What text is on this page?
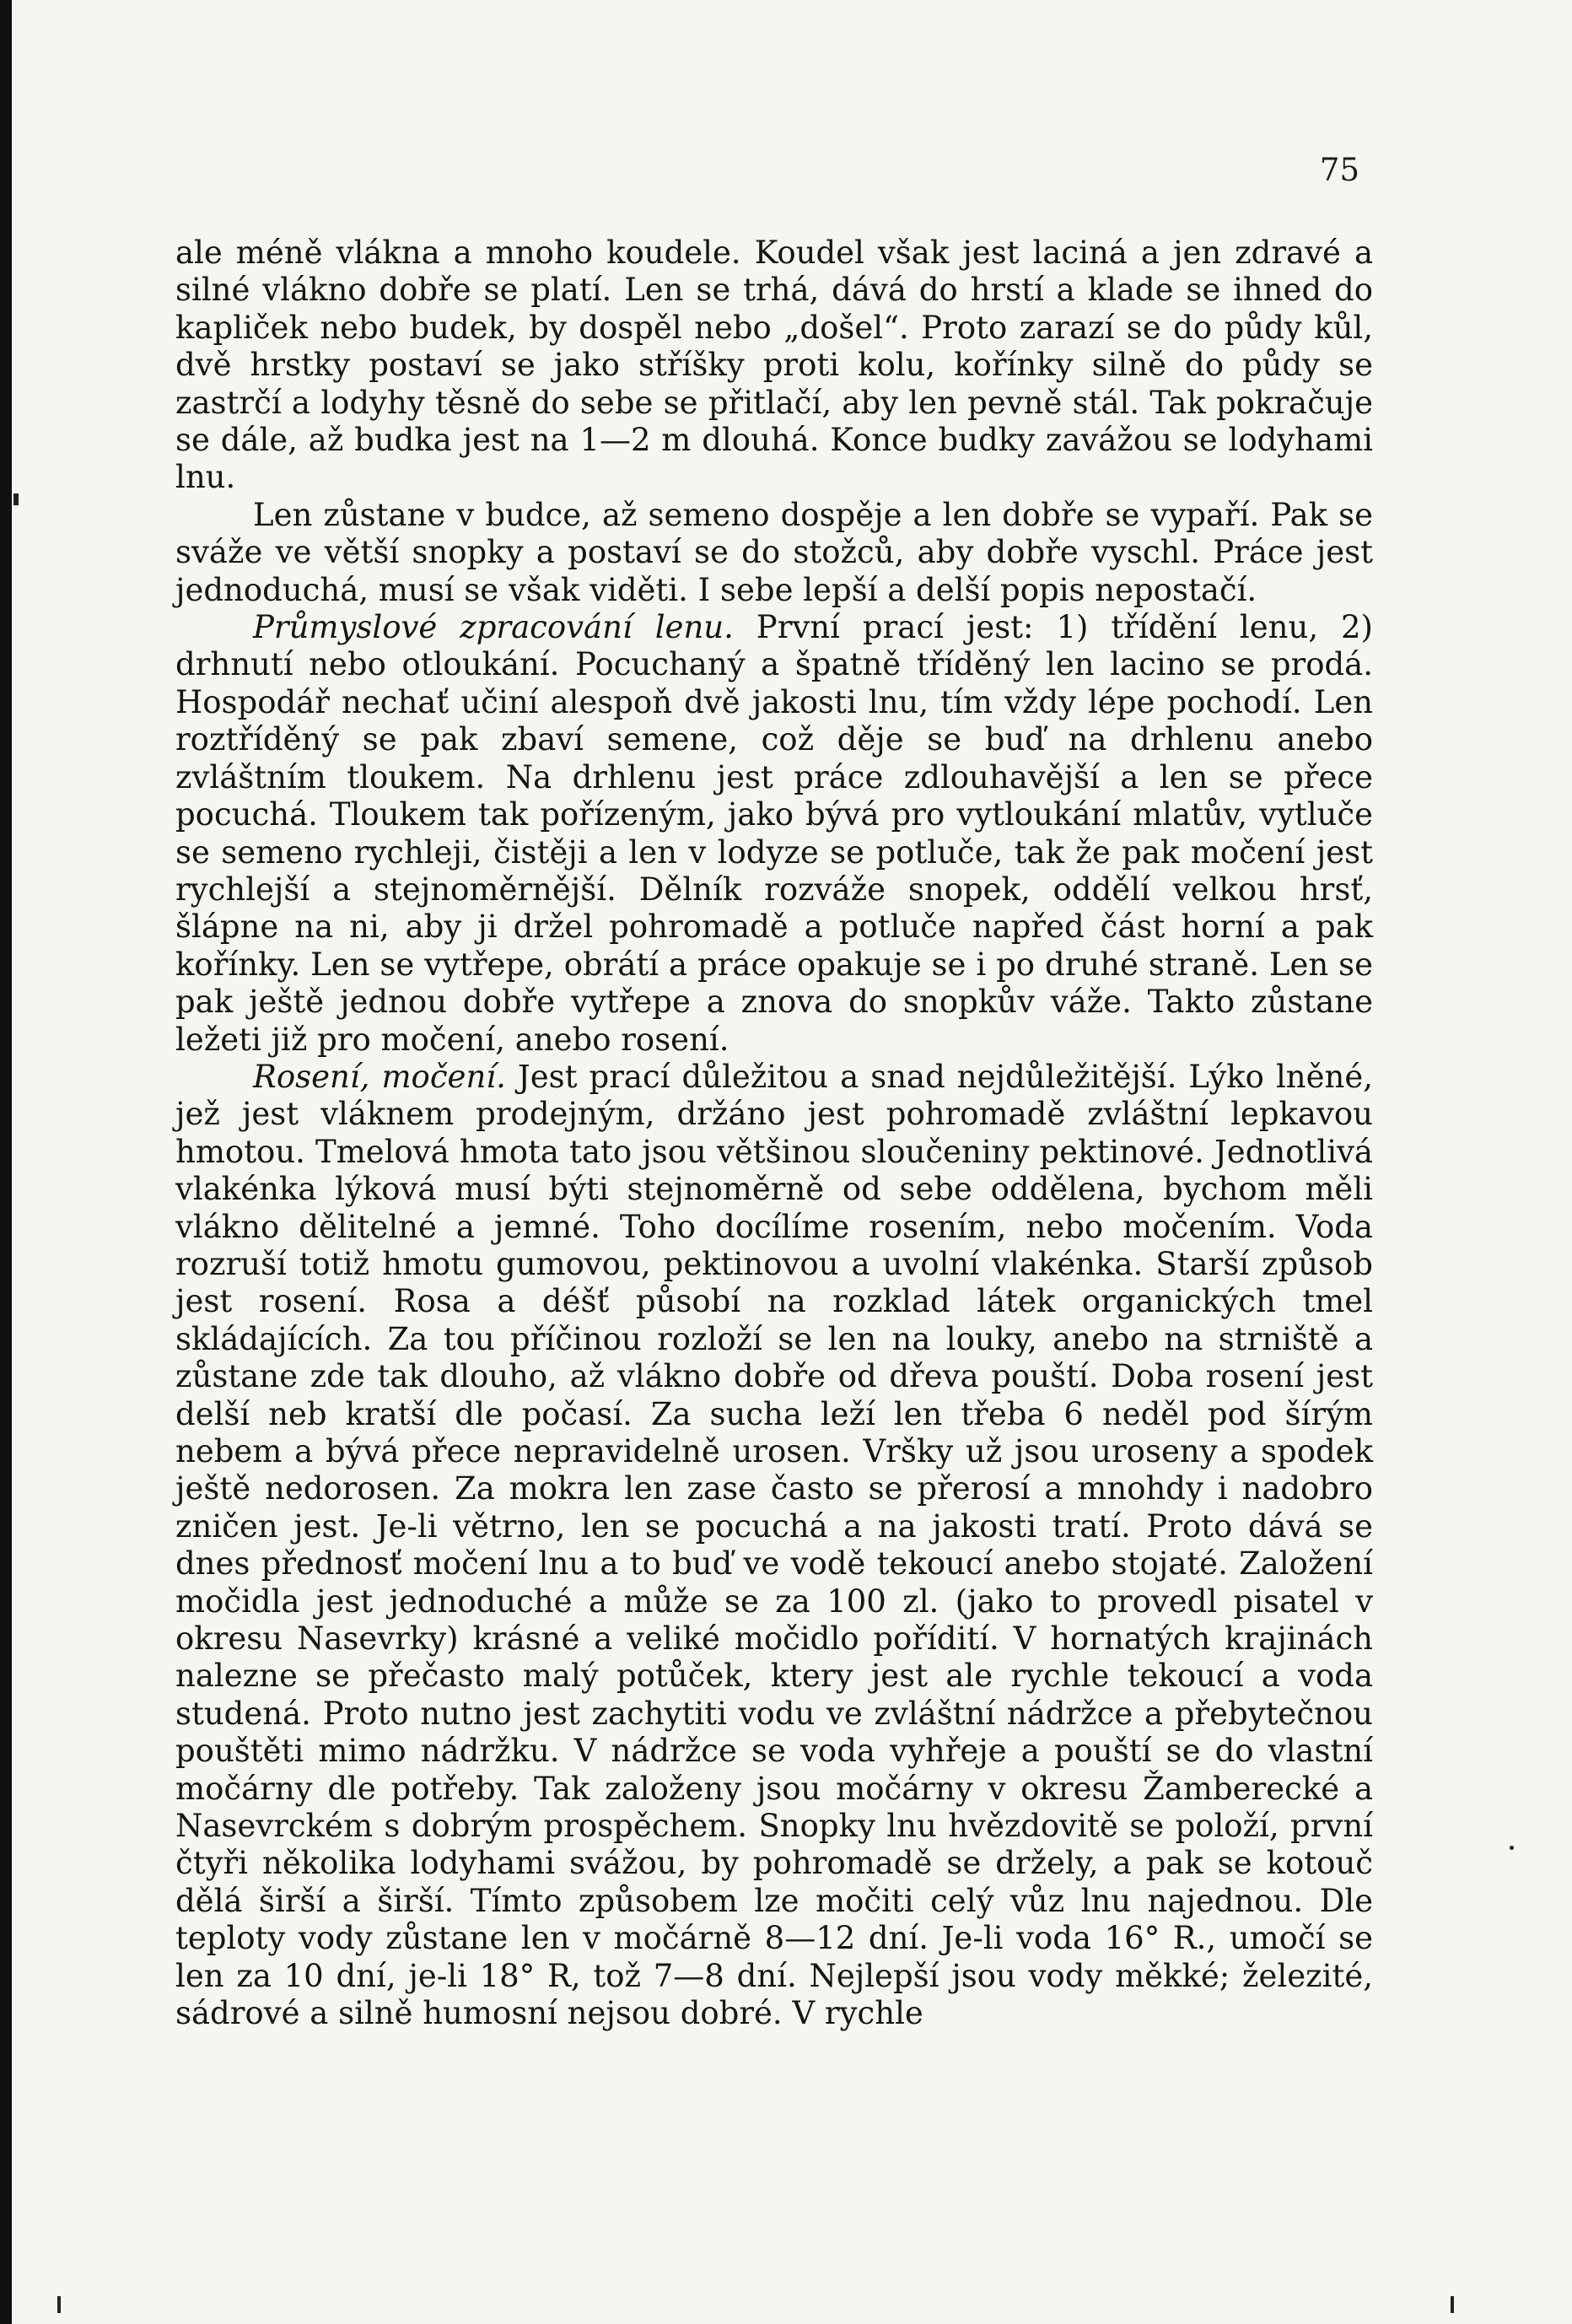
75

ale méně vlákna a mnoho koudele. Koudel však jest laciná a jen zdravé a silné vlákno dobře se platí. Len se trhá, dává do hrstí a klade se ihned do kapliček nebo budek, by dospěl nebo „došel“. Proto zarazí se do půdy kůl, dvě hrstky postaví se jako stříšky proti kolu, kořínky silně do půdy se zastrčí a lodyhy těsně do sebe se přitlačí, aby len pevně stál. Tak pokračuje se dále, až budka jest na 1—2 m dlouhá. Konce budky zavážou se lodyhami lnu.

Len zůstane v budce, až semeno dospěje a len dobře se vypaří. Pak se sváže ve větší snopky a postaví se do stožců, aby dobře vyschl. Práce jest jednoduchá, musí se však viděti. I sebe lepší a delší popis nepostačí.

Průmyslové zpracování lenu. První prací jest: 1) třídění lenu, 2) drhnutí nebo otloukání. Pocuchaný a špatně tříděný len lacino se prodá. Hospodář nechať učiní alespoň dvě jakosti lnu, tím vždy lépe pochodí. Len roztříděný se pak zbaví semene, což děje se buď na drhlenu anebo zvláštním tloukem. Na drhlenu jest práce zdlouhavější a len se přece pocuchá. Tloukem tak pořízeným, jako bývá pro vytloukání mlatův, vytluče se semeno rychleji, čistěji a len v lodyze se potluče, tak že pak močení jest rychlejší a stejnoměrnější. Dělník rozváže snopek, oddělí velkou hrsť, šlápne na ni, aby ji držel pohromadě a potluče napřed část horní a pak kořínky. Len se vytřepe, obrátí a práce opakuje se i po druhé straně. Len se pak ještě jednou dobře vytřepe a znova do snopkův váže. Takto zůstane ležeti již pro močení, anebo rosení.

Rosení, močení. Jest prací důležitou a snad nejdůležitější. Lýko lněné, jež jest vláknem prodejným, držáno jest pohromadě zvláštní lepkavou hmotou. Tmelová hmota tato jsou většinou sloučeniny pektinové. Jednotlivá vlakénka lýková musí býti stejnoměrně od sebe oddělena, bychom měli vlákno dělitelné a jemné. Toho docílíme rosením, nebo močením. Voda rozruší totiž hmotu gumovou, pektinovou a uvolní vlakénka. Starší způsob jest rosení. Rosa a déšť působí na rozklad látek organických tmel skládajících. Za tou příčinou rozloží se len na louky, anebo na strniště a zůstane zde tak dlouho, až vlákno dobře od dřeva pouští. Doba rosení jest delší neb kratší dle počasí. Za sucha leží len třeba 6 neděl pod šírým nebem a bývá přece nepravidelně urosen. Vršky už jsou uroseny a spodek ještě nedorosen. Za mokra len zase často se přerosí a mnohdy i nadobro zničen jest. Je-li větrno, len se pocuchá a na jakosti tratí. Proto dává se dnes přednosť močení lnu a to buď ve vodě tekoucí anebo stojaté. Založení močidla jest jednoduché a může se za 100 zl. (jako to provedl pisatel v okresu Nasevrky) krásné a veliké močidlo pořídití. V hornatých krajinách nalezne se přečasto malý potůček, ktery jest ale rychle tekoucí a voda studená. Proto nutno jest zachytiti vodu ve zvláštní nádržce a přebytečnou pouštěti mimo nádržku. V nádržce se voda vyhřeje a pouští se do vlastní močárny dle potřeby. Tak založeny jsou močárny v okresu Žamberecké a Nasevrckém s dobrým prospěchem. Snopky lnu hvězdovitě se položí, první čtyři několika lodyhami svážou, by pohromadě se držely, a pak se kotouč dělá širší a širší. Tímto způsobem lze močiti celý vůz lnu najednou. Dle teploty vody zůstane len v močárně 8—12 dní. Je-li voda 16° R., umočí se len za 10 dní, je-li 18° R, tož 7—8 dní. Nejlepší jsou vody měkké; železité, sádrové a silně humosní nejsou dobré. V rychle
